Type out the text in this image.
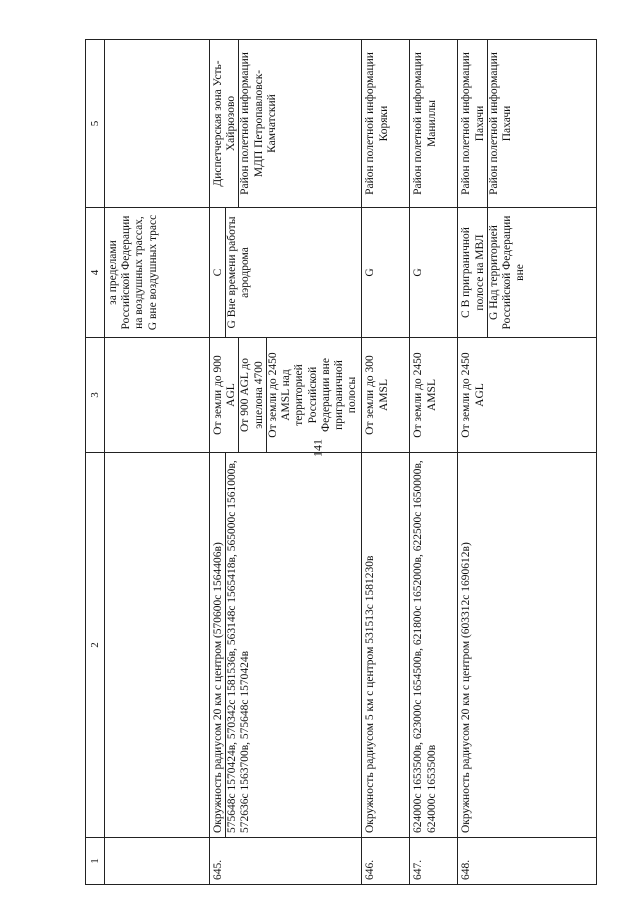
141
1	2	3	4	5
			за пределами Российской Федерации на воздушных трассах, G вне воздушных трасс	
645.	Окружность радиусом 20 км с центром (570600с 1564406в) 575648с 1570424в, 570342с 1581536в, 563148с 1565418в, 565000с 1561000в, 572636с 1563700в, 575648с 1570424в	От земли до 900 AGL От 900 AGL до эшелона 4700 От земли до 2450 AMSL над территорией Российской Федерации вне приграничной полосы	С G Вне времени работы аэродрома	Диспетчерская зона Усть-Хайрюзово Район полетной информации МДП Петропавловск-Камчатский

646.	Окружность радиусом 5 км с центром 531513с 1581230в	От земли до 300 AMSL	G	Район полетной информации Коряки
647.	624000с 1653500в, 623000с 1654500в, 621800с 1652000в, 622500с 1650000в, 624000с 1653500в	От земли до 2450 AMSL	G	Район полетной информации Маниллы
648.	Окружность радиусом 20 км с центром (603312с 1690612в)	От земли до 2450 AGL	С В приграничной полосе на МВЛ G Над территорией Российской Федерации вне	Район полетной информации Пахачи Район полетной информации Пахачи
